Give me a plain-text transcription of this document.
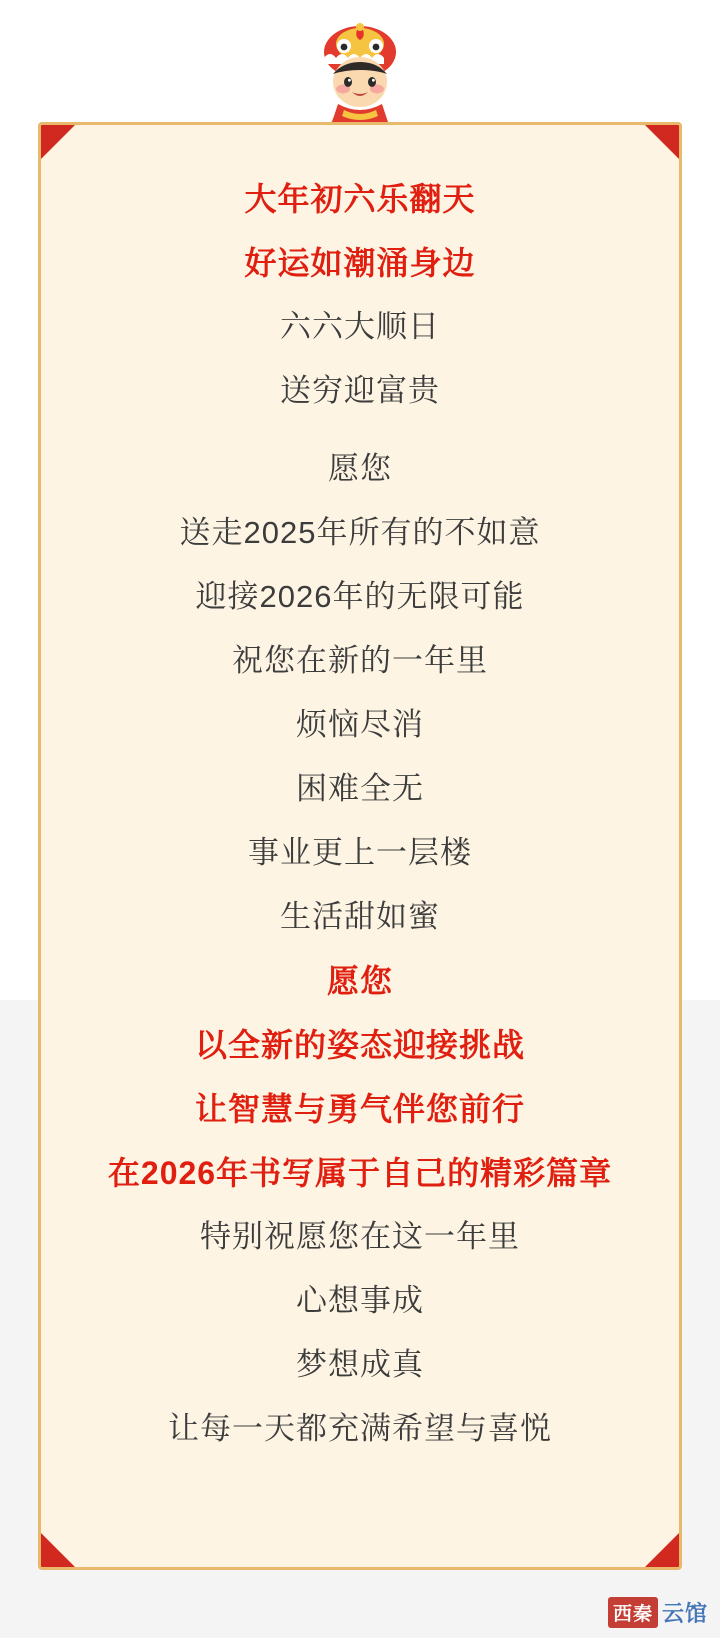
大年初六乐翻天

好运如潮涌身边

六六大顺日

送穷迎富贵

愿您

送走2025年所有的不如意

迎接2026年的无限可能

祝您在新的一年里

烦恼尽消

困难全无

事业更上一层楼

生活甜如蜜

愿您

以全新的姿态迎接挑战

让智慧与勇气伴您前行

在2026年书写属于自己的精彩篇章

特别祝愿您在这一年里

心想事成

梦想成真

让每一天都充满希望与喜悦

西秦 云馆
